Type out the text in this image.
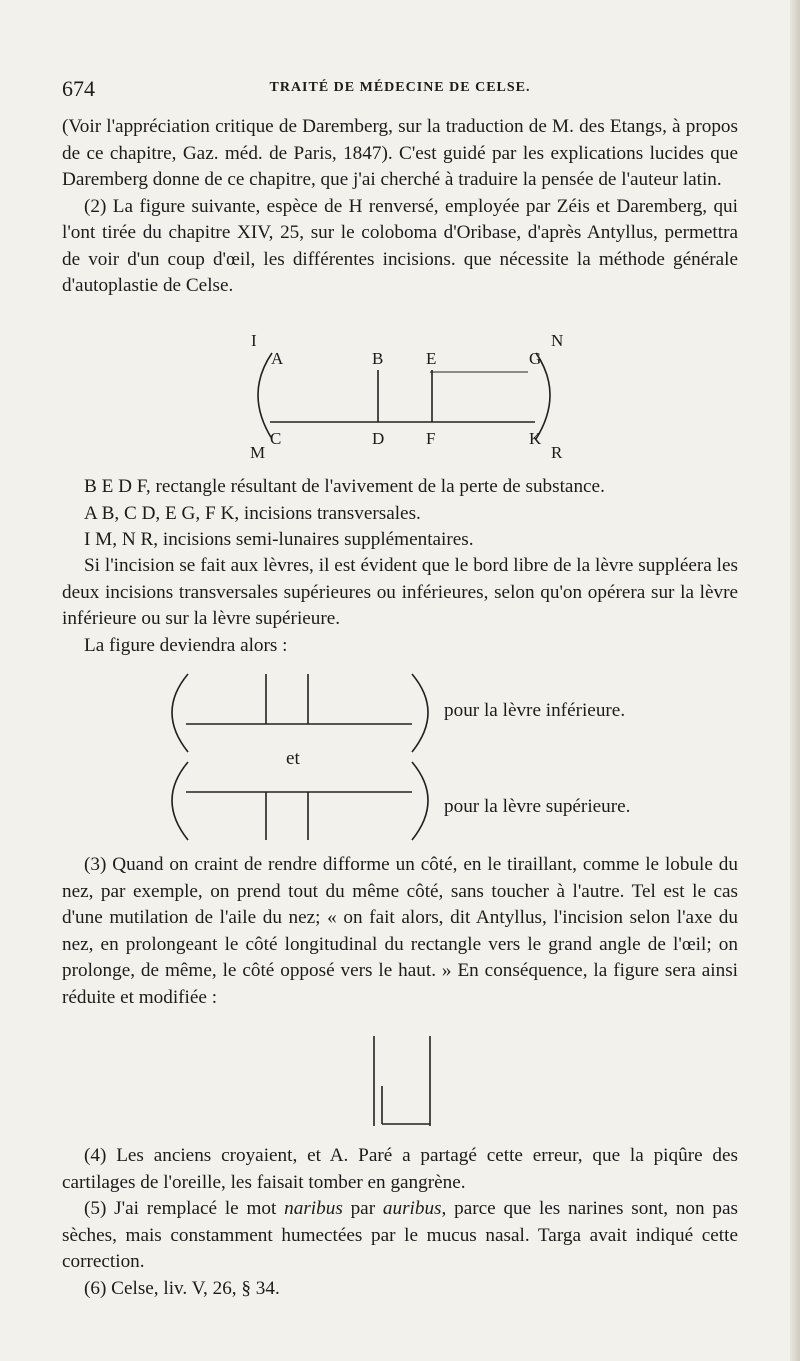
674	TRAITÉ DE MÉDECINE DE CELSE.

(Voir l'appréciation critique de Daremberg, sur la traduction de M. des Etangs, à propos de ce chapitre, Gaz. méd. de Paris, 1847). C'est guidé par les explications lucides que Daremberg donne de ce chapitre, que j'ai cherché à traduire la pensée de l'auteur latin.

(2) La figure suivante, espèce de H renversé, employée par Zéis et Daremberg, qui l'ont tirée du chapitre XIV, 25, sur le coloboma d'Oribase, d'après Antyllus, permettra de voir d'un coup d'œil, les différentes incisions. que nécessite la méthode générale d'autoplastie de Celse.

I	N
A	B	E	G
C	D F	K
M	R

B E D F, rectangle résultant de l'avivement de la perte de substance.

A B, C D, E G, F K, incisions transversales.

I M, N R, incisions semi-lunaires supplémentaires.

Si l'incision se fait aux lèvres, il est évident que le bord libre de la lèvre suppléera les deux incisions transversales supérieures ou inférieures, selon qu'on opérera sur la lèvre inférieure ou sur la lèvre supérieure.

La figure deviendra alors :

pour la lèvre inférieure.
et
pour la lèvre supérieure.

(3) Quand on craint de rendre difforme un côté, en le tiraillant, comme le lobule du nez, par exemple, on prend tout du même côté, sans toucher à l'autre. Tel est le cas d'une mutilation de l'aile du nez; « on fait alors, dit Antyllus, l'incision selon l'axe du nez, en prolongeant le côté longitudinal du rectangle vers le grand angle de l'œil; on prolonge, de même, le côté opposé vers le haut. » En conséquence, la figure sera ainsi réduite et modifiée :

(4) Les anciens croyaient, et A. Paré a partagé cette erreur, que la piqûre des cartilages de l'oreille, les faisait tomber en gangrène.

(5) J'ai remplacé le mot naribus par auribus, parce que les narines sont, non pas sèches, mais constamment humectées par le mucus nasal. Targa avait indiqué cette correction.

(6) Celse, liv. V, 26, § 34.
